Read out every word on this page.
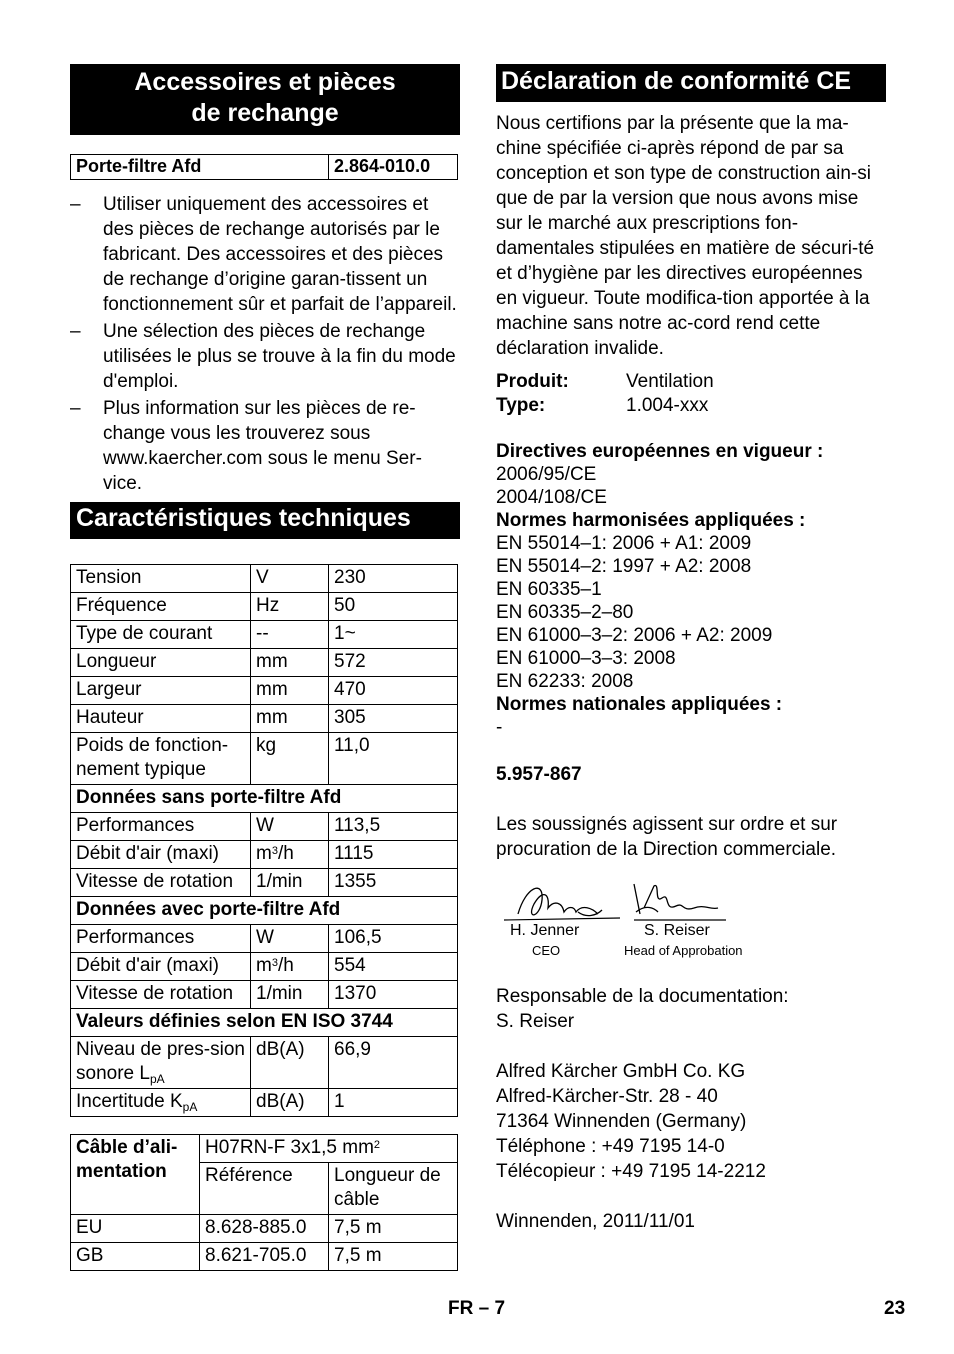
Accessoires et pièces
de rechange
Porte-filtre Afd	2.864-010.0
– Utiliser uniquement des accessoires et des pièces de rechange autorisés par le fabricant. Des accessoires et des pièces de rechange d’origine garan-tissent un fonctionnement sûr et parfait de l’appareil.
– Une sélection des pièces de rechange utilisées le plus se trouve à la fin du mode d'emploi.
– Plus information sur les pièces de re-change vous les trouverez sous www.kaercher.com sous le menu Ser-vice.
Caractéristiques techniques
Tension	V	230
Fréquence	Hz	50
Type de courant	--	1~
Longueur	mm	572
Largeur	mm	470
Hauteur	mm	305
Poids de fonction-nement typique	kg	11,0
Données sans porte-filtre Afd		
Performances	W	113,5
Débit d'air (maxi)	$m^3/h$	1115
Vitesse de rotation	1/min	1355
Données avec porte-filtre Afd		
Performances	W	106,5
Débit d'air (maxi)	$m^3/h$	554
Vitesse de rotation	1/min	1370
Valeurs définies selon EN ISO 3744		
Niveau de pres-sion sonore $L_{pA}$	dB(A)	66,9
Incertitude $K_{pA}$	dB(A)	1
Câble d’ali-mentation	H07RN-F 3x1,5 $mm^2$
	Référence	Longueur de câble
EU	8.628-885.0	7,5 m
GB	8.621-705.0	7,5 m
Déclaration de conformité CE
Nous certifions par la présente que la ma-chine spécifiée ci-après répond de par sa conception et son type de construction ain-si que de par la version que nous avons mise sur le marché aux prescriptions fon-damentales stipulées en matière de sécuri-té et d’hygiène par les directives européennes en vigueur. Toute modifica-tion apportée à la machine sans notre ac-cord rend cette déclaration invalide.
Produit:	Ventilation
Type:	1.004-xxx
Directives européennes en vigueur :
2006/95/CE
2004/108/CE
Normes harmonisées appliquées :
EN 55014–1: 2006 + A1: 2009
EN 55014–2: 1997 + A2: 2008
EN 60335–1
EN 60335–2–80
EN 61000–3–2: 2006 + A2: 2009
EN 61000–3–3: 2008
EN 62233: 2008
Normes nationales appliquées :
-
5.957-867
Les soussignés agissent sur ordre et sur procuration de la Direction commerciale.
H. Jenner
CEO
S. Reiser
Head of Approbation
Responsable de la documentation:
S. Reiser
Alfred Kärcher GmbH Co. KG
Alfred-Kärcher-Str. 28 - 40
71364 Winnenden (Germany)
Téléphone : +49 7195 14-0
Télécopieur : +49 7195 14-2212
Winnenden, 2011/11/01
FR – 7	23
